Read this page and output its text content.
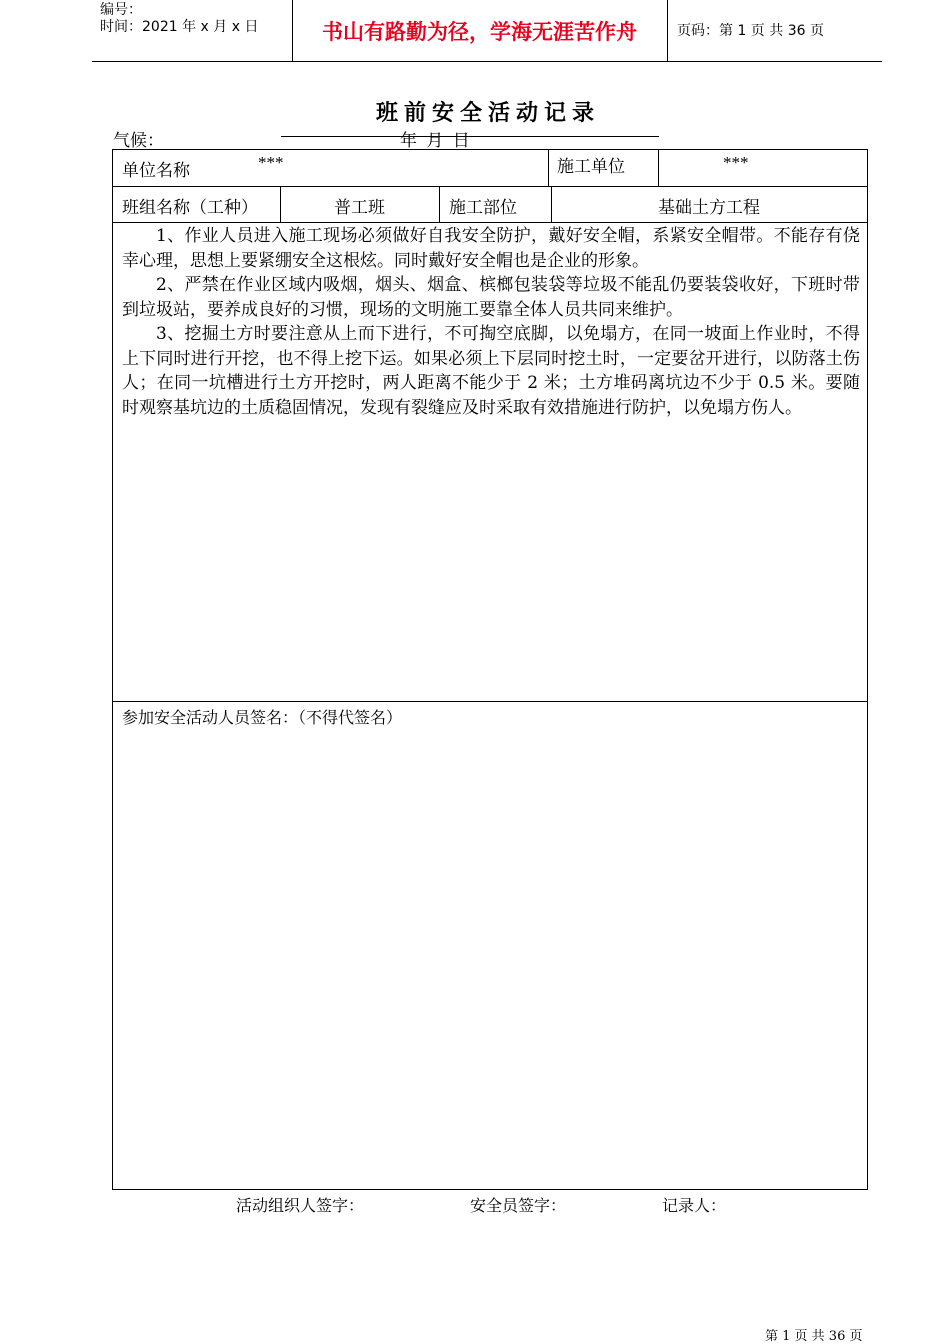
编号：
时间：2021 年 x 月 x 日	书山有路勤为径，学海无涯苦作舟	页码：第 1 页 共 36 页
班前安全活动记录
气候：	年 月 日
单位名称	***	施工单位	***
班组名称（工种）	普工班	施工部位	基础土方工程

1、作业人员进入施工现场必须做好自我安全防护，戴好安全帽，系紧安全帽带。不能存有侥幸心理，思想上要紧绷安全这根炫。同时戴好安全帽也是企业的形象。

2、严禁在作业区域内吸烟，烟头、烟盒、槟榔包装袋等垃圾不能乱仍要装袋收好，下班时带到垃圾站，要养成良好的习惯，现场的文明施工要靠全体人员共同来维护。

3、挖掘土方时要注意从上而下进行，不可掏空底脚，以免塌方，在同一坡面上作业时，不得上下同时进行开挖，也不得上挖下运。如果必须上下层同时挖土时，一定要岔开进行，以防落土伤人；在同一坑槽进行土方开挖时，两人距离不能少于 2 米；土方堆码离坑边不少于 0.5 米。要随时观察基坑边的土质稳固情况，发现有裂缝应及时采取有效措施进行防护，以免塌方伤人。

参加安全活动人员签名：（不得代签名）
活动组织人签字：	安全员签字：	记录人：
第 1 页 共 36 页
